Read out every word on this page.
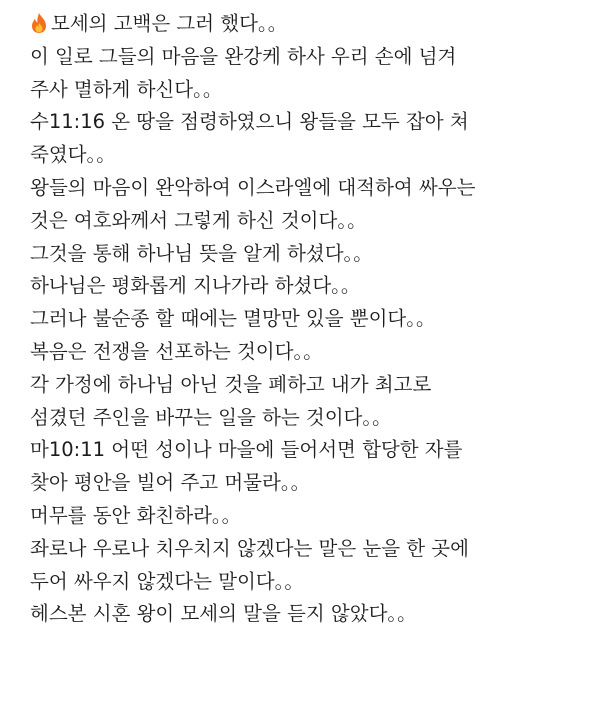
모세의 고백은 그러 했다。。
이 일로 그들의 마음을 완강케 하사 우리 손에 넘겨
주사 멸하게 하신다。。
수11:16 온 땅을 점령하였으니 왕들을 모두 잡아 쳐
죽였다。。
왕들의 마음이 완악하여 이스라엘에 대적하여 싸우는
것은 여호와께서 그렇게 하신 것이다。。
그것을 통해 하나님 뜻을 알게 하셨다。。
하나님은 평화롭게 지나가라 하셨다。。
그러나 불순종 할 때에는 멸망만 있을 뿐이다。。
복음은 전쟁을 선포하는 것이다。。
각 가정에 하나님 아닌 것을 폐하고 내가 최고로
섬겼던 주인을 바꾸는 일을 하는 것이다。。
마10:11 어떤 성이나 마을에 들어서면 합당한 자를
찾아 평안을 빌어 주고 머물라。。
머무를 동안 화친하라。。
좌로나 우로나 치우치지 않겠다는 말은 눈을 한 곳에
두어 싸우지 않겠다는 말이다。。
헤스본 시혼 왕이 모세의 말을 듣지 않았다。。
